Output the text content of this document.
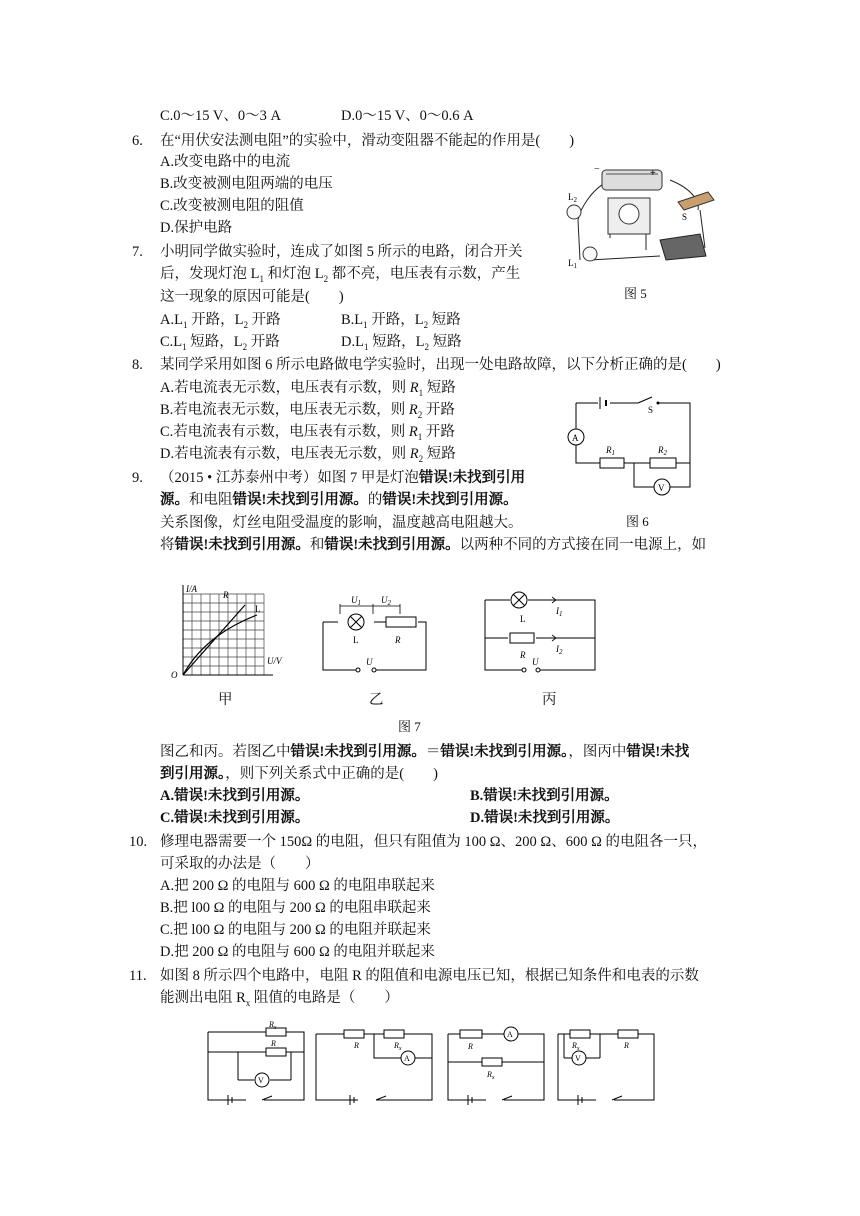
C.0～15 V、0～3 A	D.0～15 V、0～0.6 A
6. 在“用伏安法测电阻”的实验中，滑动变阻器不能起的作用是(　　)
A.改变电路中的电流
B.改变被测电阻两端的电压
C.改变被测电阻的阻值
D.保护电路
7. 小明同学做实验时，连成了如图 5 所示的电路，闭合开关
后，发现灯泡 $L_1$ 和灯泡 $L_2$ 都不亮，电压表有示数，产生
这一现象的原因可能是(　　)
$A.L_1$ 开路，$L_2$ 开路	$B.L_1$ 开路，$L_2$ 短路
$C.L_1$ 短路，$L_2$ 开路	$D.L_1$ 短路，$L_2$ 短路
8. 某同学采用如图 6 所示电路做电学实验时，出现一处电路故障，以下分析正确的是(　　)
A.若电流表无示数，电压表有示数，则 $R_1$ 短路
B.若电流表无示数，电压表无示数，则 $R_2$ 开路
C.若电流表有示数，电压表有示数，则 $R_1$ 开路
D.若电流表有示数，电压表无示数，则 $R_2$ 短路
9. （2015 • 江苏泰州中考）如图 7 甲是灯泡错误!未找到引用
源。和电阻错误!未找到引用源。的错误!未找到引用源。
关系图像，灯丝电阻受温度的影响，温度越高电阻越大。
将错误!未找到引用源。和错误!未找到引用源。以两种不同的方式接在同一电源上，如
I/A
R
L
U/V
O
$U_1$ $U_2$
L	R
U
$I_1$
$I_2$
L
R
U
甲	乙	丙
图 7
图乙和丙。若图乙中错误!未找到引用源。＝错误!未找到引用源。，图丙中错误!未找
到引用源。，则下列关系式中正确的是(　　)
A.错误!未找到引用源。	B.错误!未找到引用源。
C.错误!未找到引用源。	D.错误!未找到引用源。
10. 修理电器需要一个 150Ω 的电阻，但只有阻值为 100 Ω、200 Ω、600 Ω 的电阻各一只，
可采取的办法是（　　）
A.把 200 Ω 的电阻与 600 Ω 的电阻串联起来
B.把 l00 Ω 的电阻与 200 Ω 的电阻串联起来
C.把 l00 Ω 的电阻与 200 Ω 的电阻并联起来
D.把 200 Ω 的电阻与 600 Ω 的电阻并联起来
11. 如图 8 所示四个电路中，电阻 R 的阻值和电源电压已知，根据已知条件和电表的示数
能测出电阻 $R_x$ 阻值的电路是（　　）
V
$R_x$
R
A
R	$R_x$
A
R
$R_x$
V
$R_x$	R
$L_2$
$L_1$
S
−	+
图 5
A
V
S
$R_1$	$R_2$
图 6
